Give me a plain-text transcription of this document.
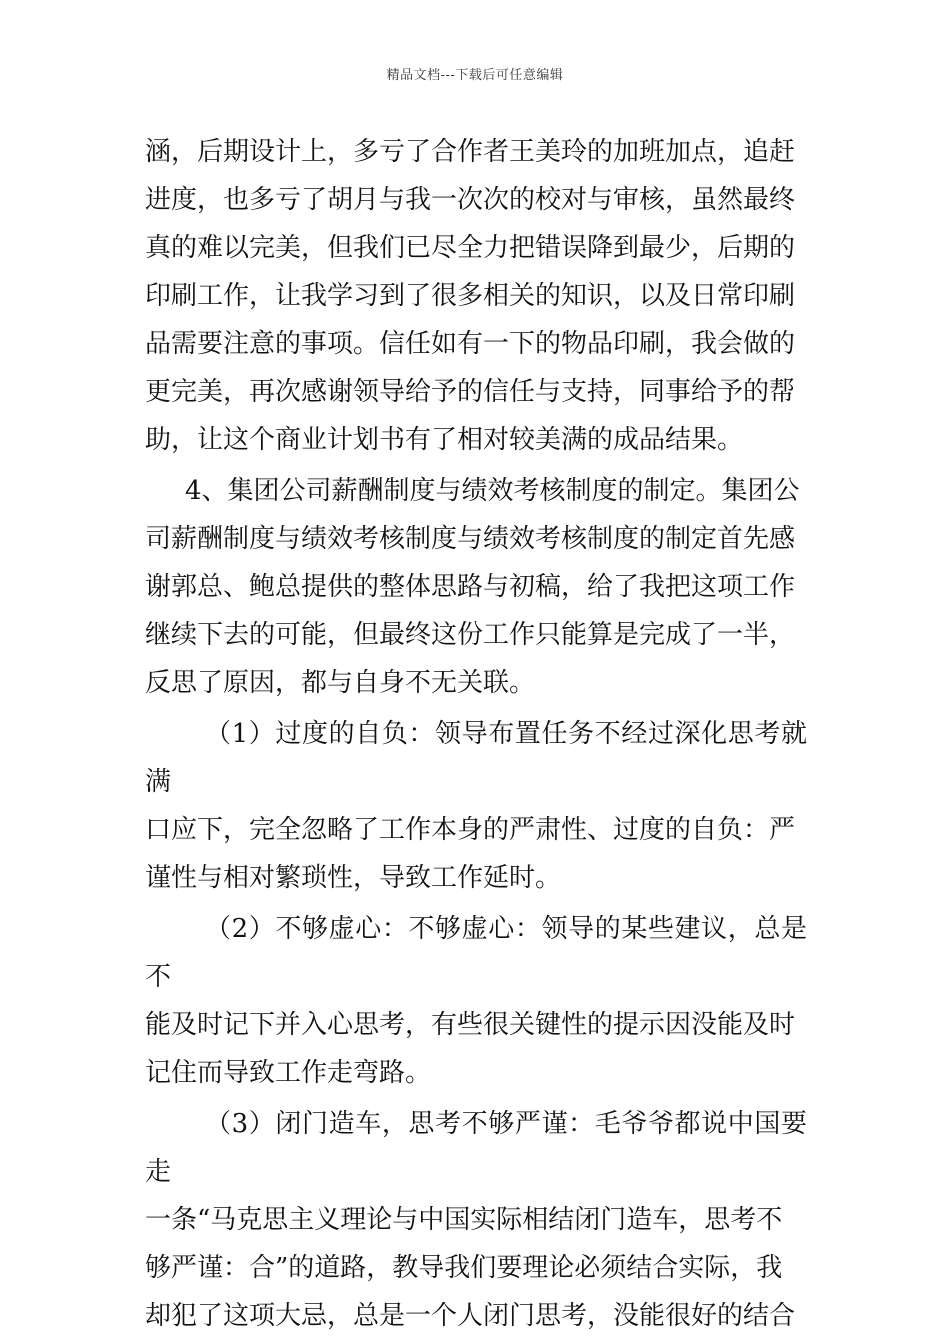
精品文档---下载后可任意编辑

涵，后期设计上，多亏了合作者王美玲的加班加点，追赶
进度，也多亏了胡月与我一次次的校对与审核，虽然最终
真的难以完美，但我们已尽全力把错误降到最少，后期的
印刷工作，让我学习到了很多相关的知识，以及日常印刷
品需要注意的事项。信任如有一下的物品印刷，我会做的
更完美，再次感谢领导给予的信任与支持，同事给予的帮
助，让这个商业计划书有了相对较美满的成品结果。

4、集团公司薪酬制度与绩效考核制度的制定。集团公
司薪酬制度与绩效考核制度与绩效考核制度的制定首先感
谢郭总、鲍总提供的整体思路与初稿，给了我把这项工作
继续下去的可能，但最终这份工作只能算是完成了一半，
反思了原因，都与自身不无关联。

（1）过度的自负：领导布置任务不经过深化思考就满
口应下，完全忽略了工作本身的严肃性、过度的自负：严
谨性与相对繁琐性，导致工作延时。

（2）不够虚心：不够虚心：领导的某些建议，总是不
能及时记下并入心思考，有些很关键性的提示因没能及时
记住而导致工作走弯路。

（3）闭门造车，思考不够严谨：毛爷爷都说中国要走
一条“马克思主义理论与中国实际相结闭门造车，思考不
够严谨：合”的道路，教导我们要理论必须结合实际，我
却犯了这项大忌，总是一个人闭门思考，没能很好的结合
